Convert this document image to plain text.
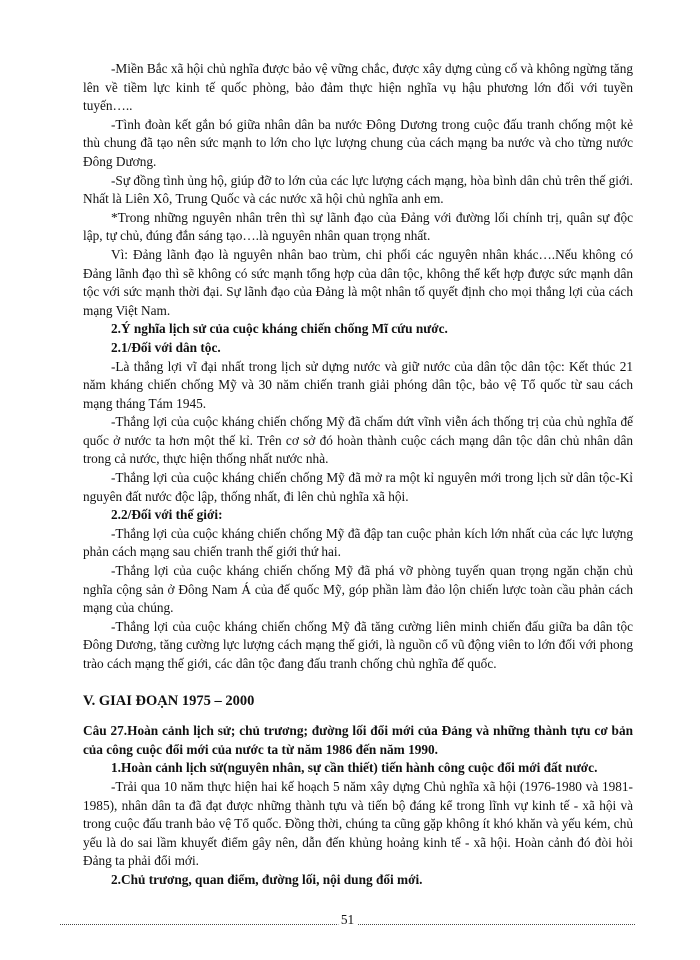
-Miền Bắc xã hội chủ nghĩa được bảo vệ vững chắc, được xây dựng củng cố và không ngừng tăng lên về tiềm lực kinh tế quốc phòng, bảo đảm thực hiện nghĩa vụ hậu phương lớn đối với tuyền tuyến…..

-Tình đoàn kết gắn bó giữa nhân dân ba nước Đông Dương trong cuộc đấu tranh chống một kẻ thù chung đã tạo nên sức mạnh to lớn cho lực lượng chung của cách mạng ba nước và cho từng nước Đông Dương.

-Sự đồng tình ủng hộ, giúp đỡ to lớn của các lực lượng cách mạng, hòa bình dân chủ trên thế giới. Nhất là Liên Xô, Trung Quốc và các nước xã hội chủ nghĩa anh em.

*Trong những nguyên nhân trên thì sự lãnh đạo của Đảng với đường lối chính trị, quân sự độc lập, tự chủ, đúng đắn sáng tạo….là nguyên nhân quan trọng nhất.

Vì: Đảng lãnh đạo là nguyên nhân bao trùm, chi phối các nguyên nhân khác….Nếu không có Đảng lãnh đạo thì sẽ không có sức mạnh tổng hợp của dân tộc, không thể kết hợp được sức mạnh dân tộc với sức mạnh thời đại. Sự lãnh đạo của Đảng là một nhân tố quyết định cho mọi thắng lợi của cách mạng Việt Nam.

2.Ý nghĩa lịch sử của cuộc kháng chiến chống Mĩ cứu nước.

2.1/Đối với dân tộc.

-Là thắng lợi vĩ đại nhất trong lịch sử dựng nước và giữ nước của dân tộc dân tộc: Kết thúc 21 năm kháng chiến chống Mỹ và 30 năm chiến tranh giải phóng dân tộc, bảo vệ Tổ quốc từ sau cách mạng tháng Tám 1945.

-Thắng lợi của cuộc kháng chiến chống Mỹ đã chấm dứt vĩnh viễn ách thống trị của chủ nghĩa đế quốc ở nước ta hơn một thế kỉ. Trên cơ sở đó hoàn thành cuộc cách mạng dân tộc dân chủ nhân dân trong cả nước, thực hiện thống nhất nước nhà.

-Thắng lợi của cuộc kháng chiến chống Mỹ đã mở ra một kỉ nguyên mới trong lịch sử dân tộc-Kỉ nguyên đất nước độc lập, thống nhất, đi lên chủ nghĩa xã hội.

2.2/Đối với thế giới:

-Thắng lợi của cuộc kháng chiến chống Mỹ đã đập tan cuộc phản kích lớn nhất của các lực lượng phản cách mạng sau chiến tranh thế giới thứ hai.

-Thắng lợi của cuộc kháng chiến chống Mỹ đã phá vỡ phòng tuyến quan trọng ngăn chặn chủ nghĩa cộng sản ở Đông Nam Á của đế quốc Mỹ, góp phần làm đảo lộn chiến lược toàn cầu phản cách mạng của chúng.

-Thắng lợi của cuộc kháng chiến chống Mỹ đã tăng cường liên minh chiến đấu giữa ba dân tộc Đông Dương, tăng cường lực lượng cách mạng thế giới, là nguồn cổ vũ động viên to lớn đối với phong trào cách mạng thế giới, các dân tộc đang đấu tranh chống chủ nghĩa đế quốc.

V. GIAI ĐOẠN 1975 – 2000

Câu 27.Hoàn cảnh lịch sử; chủ trương; đường lối đổi mới của Đảng và những thành tựu cơ bản của công cuộc đổi mới của nước ta từ năm 1986 đến năm 1990.

1.Hoàn cảnh lịch sử(nguyên nhân, sự cần thiết) tiến hành công cuộc đổi mới đất nước.

-Trải qua 10 năm thực hiện hai kế hoạch 5 năm xây dựng Chủ nghĩa xã hội (1976-1980 và 1981-1985), nhân dân ta đã đạt được những thành tựu và tiến bộ đáng kể trong lĩnh vự kinh tế - xã hội và trong cuộc đấu tranh bảo vệ Tổ quốc. Đồng thời, chúng ta cũng gặp không ít khó khăn và yếu kém, chủ yếu là do sai lầm khuyết điểm gây nên, dẫn đến khủng hoảng kinh tế - xã hội. Hoàn cảnh đó đòi hỏi Đảng ta phải đổi mới.

2.Chủ trương, quan điểm, đường lối, nội dung đổi mới.

51
